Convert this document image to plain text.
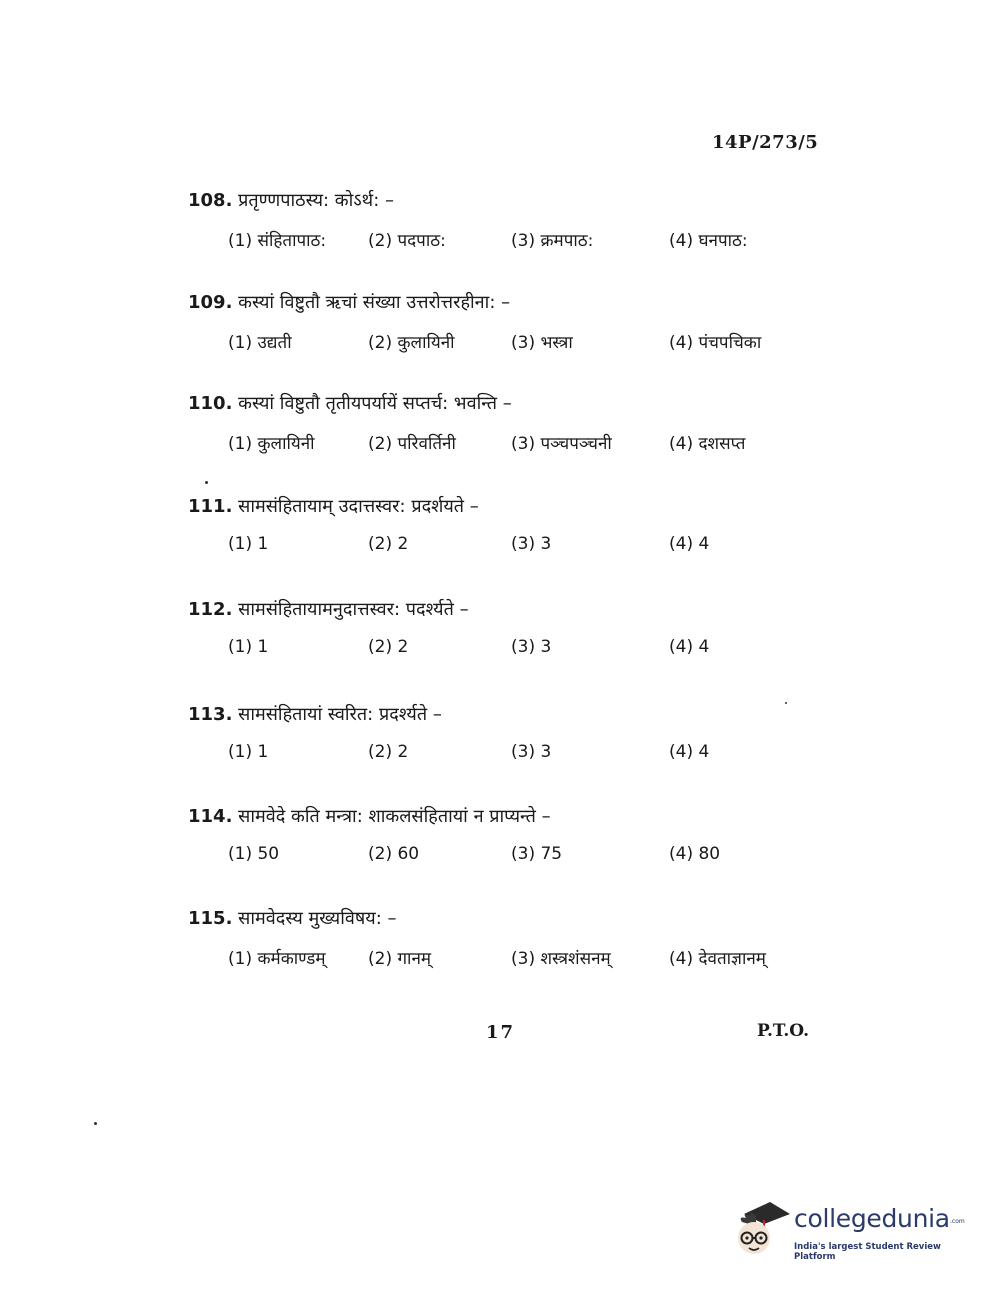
14P/273/5
108. प्रतृण्णपाठस्य: कोऽर्थ: –
(1) संहितापाठ: (2) पदपाठ:	(3) क्रमपाठ:	(4) घनपाठ:
109. कस्यां विष्टुतौ ऋचां संख्या उत्तरोत्तरहीना: –
(1) उद्यती	(2) कुलायिनी	(3) भस्त्रा	(4) पंचपचिका
110. कस्यां विष्टुतौ तृतीयपर्यायें सप्तर्च: भवन्ति –
(1) कुलायिनी	(2) परिवर्तिनी	(3) पञ्चपञ्चनी	(4) दशसप्त
111. सामसंहितायाम् उदात्तस्वर: प्रदर्शयते –
(1) 1	(2) 2	(3) 3	(4) 4
112. सामसंहितायामनुदात्तस्वर: पदर्श्यते –
(1) 1	(2) 2	(3) 3	(4) 4
113. सामसंहितायां स्वरित: प्रदर्श्यते –
(1) 1	(2) 2	(3) 3	(4) 4
114. सामवेदे कति मन्त्रा: शाकलसंहितायां न प्राप्यन्ते –
(1) 50	(2) 60	(3) 75	(4) 80
115. सामवेदस्य मुख्यविषय: –
(1) कर्मकाण्डम् (2) गानम्	(3) शस्त्रशंसनम्	(4) देवताज्ञानम्
17	P.T.O.
collegedunia .com
India's largest Student Review Platform
